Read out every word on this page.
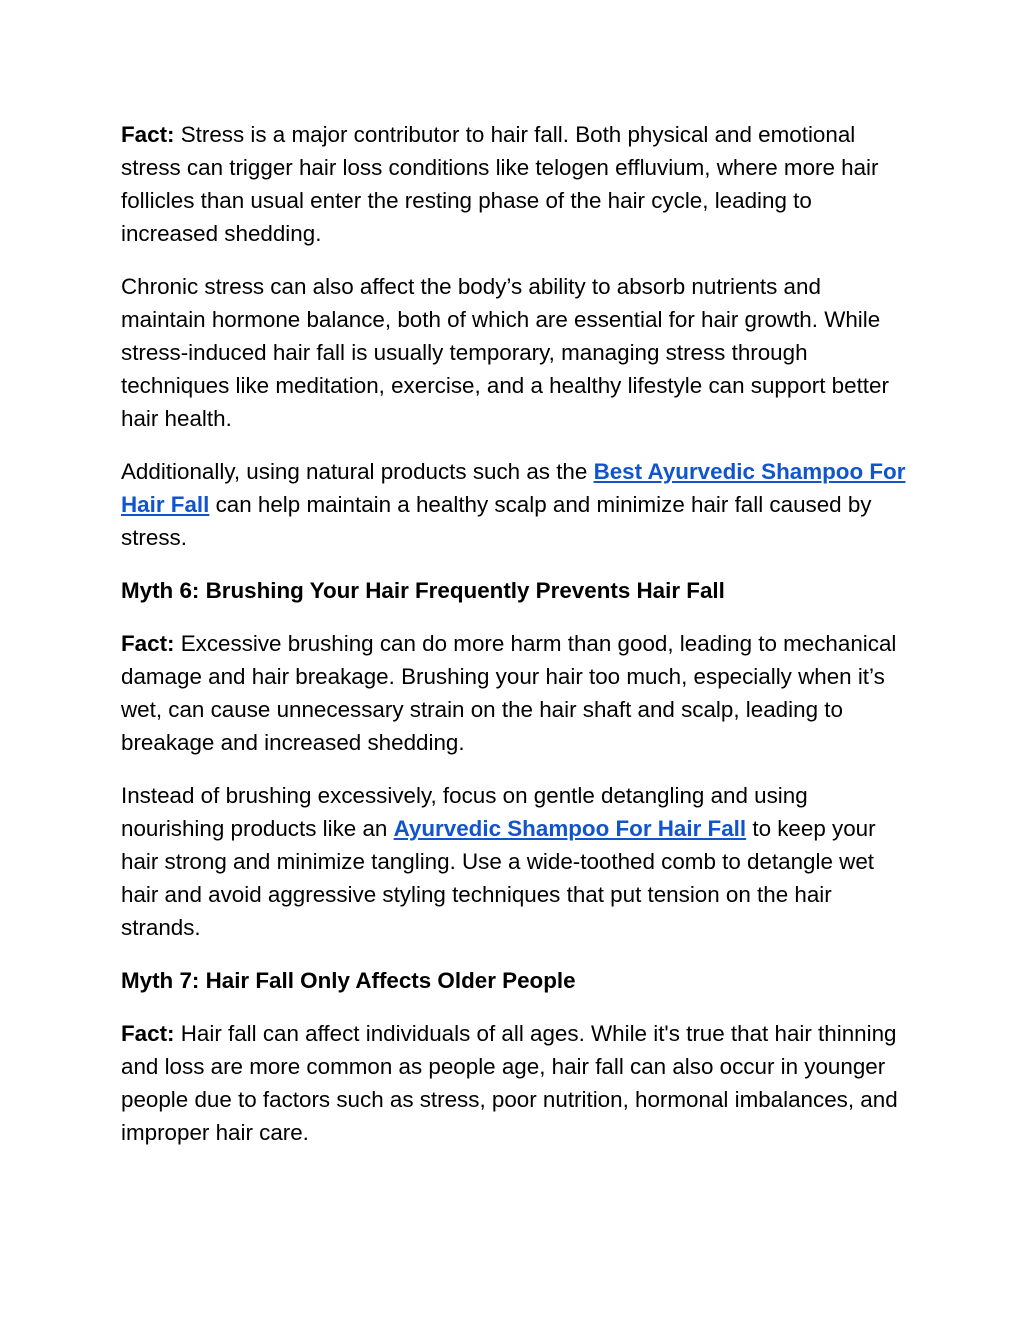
Fact: Stress is a major contributor to hair fall. Both physical and emotional stress can trigger hair loss conditions like telogen effluvium, where more hair follicles than usual enter the resting phase of the hair cycle, leading to increased shedding.

Chronic stress can also affect the body’s ability to absorb nutrients and maintain hormone balance, both of which are essential for hair growth. While stress-induced hair fall is usually temporary, managing stress through techniques like meditation, exercise, and a healthy lifestyle can support better hair health.

Additionally, using natural products such as the Best Ayurvedic Shampoo For Hair Fall can help maintain a healthy scalp and minimize hair fall caused by stress.

Myth 6: Brushing Your Hair Frequently Prevents Hair Fall

Fact: Excessive brushing can do more harm than good, leading to mechanical damage and hair breakage. Brushing your hair too much, especially when it’s wet, can cause unnecessary strain on the hair shaft and scalp, leading to breakage and increased shedding.

Instead of brushing excessively, focus on gentle detangling and using nourishing products like an Ayurvedic Shampoo For Hair Fall to keep your hair strong and minimize tangling. Use a wide-toothed comb to detangle wet hair and avoid aggressive styling techniques that put tension on the hair strands.

Myth 7: Hair Fall Only Affects Older People

Fact: Hair fall can affect individuals of all ages. While it's true that hair thinning and loss are more common as people age, hair fall can also occur in younger people due to factors such as stress, poor nutrition, hormonal imbalances, and improper hair care.
